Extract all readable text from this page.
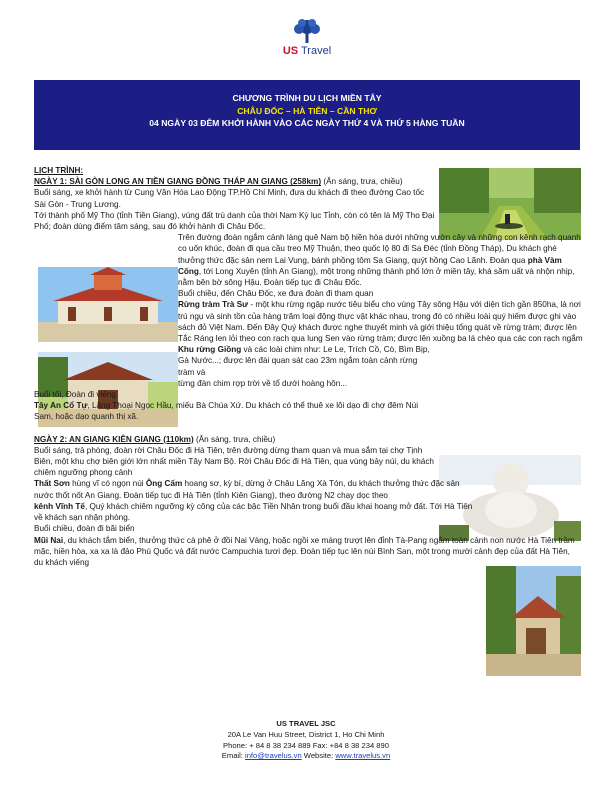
US Travel
CHƯƠNG TRÌNH DU LỊCH MIỀN TÂY
CHÂU ĐỐC – HÀ TIÊN – CẦN THƠ
04 NGÀY 03 ĐÊM KHỞI HÀNH VÀO CÁC NGÀY THỨ 4 VÀ THỨ 5 HÀNG TUẦN

LỊCH TRÌNH:

NGÀY 1: SÀI GÒN LONG AN TIỀN GIANG ĐỒNG THÁP AN GIANG (258km) (Ăn sáng, trưa, chiều)

Buổi sáng, xe khởi hành từ Cung Văn Hóa Lao Động TP.Hồ Chí Minh, đưa du khách đi theo đường Cao tốc Sài Gòn - Trung Lương.

Tới thành phố Mỹ Tho (tỉnh Tiền Giang), vùng đất trù danh của thời Nam Kỳ lục Tỉnh, còn có tên là Mỹ Tho Đại Phố; đoàn dùng điểm tâm sáng, sau đó khởi hành đi Châu Đốc.

Trên đường đoàn ngắm cảnh làng quê Nam bộ hiền hòa dưới những vườn cây và những con kênh rạch quanh co uốn khúc, đoàn đi qua cầu treo Mỹ Thuận, theo quốc lộ 80 đi Sa Đéc (tỉnh Đồng Tháp), Du khách ghé thưởng thức đặc sản nem Lai Vung, bánh phồng tôm Sa Giang, quýt hồng Cao Lãnh. Đoàn qua phà Vàm Cống, tới Long Xuyên (tỉnh An Giang), một trong những thành phố lớn ở miền tây, khá sầm uất và nhộn nhịp, nằm bên bờ sông Hậu. Đoàn tiếp tục đi Châu Đốc.

Buổi chiều, đến Châu Đốc, xe đưa đoàn đi tham quan

Rừng tràm Trà Sư - một khu rừng ngập nước tiêu biểu cho vùng Tây sông Hậu với diện tích gần 850ha, là nơi trú ngụ và sinh tồn của hàng trăm loại động thực vật khác nhau, trong đó có nhiều loài quý hiếm được ghi vào sách đỏ Việt Nam. Đến Đây Quý khách được nghe thuyết minh và giới thiệu tổng quát về rừng tràm; được lên Tắc Ráng len lỏi theo con rạch qua lung Sen vào rừng tràm; được lên xuồng ba lá chèo qua các con rạch ngắm

Khu rừng Giồng và các loài chim như: Le Le, Trích Cồ, Cò, Bìm Bịp, Gà Nước...; được lên đài quan sát cao 23m ngắm toàn cảnh rừng tràm và

từng đàn chim rợp trời về tổ dưới hoàng hôn...

Buổi tối, Đoàn đi viếng

Tây An Cổ Tự, Lăng Thoại Ngọc Hầu, miếu Bà Chúa Xứ. Du khách có thể thuê xe lôi dạo đi chợ đêm Núi Sam, hoặc dạo quanh thị xã.

NGÀY 2: AN GIANG KIÊN GIANG (110km) (Ăn sáng, trưa, chiều)

Buổi sáng, trả phòng, đoàn rời Châu Đốc đi Hà Tiên, trên đường dừng tham quan và mua sắm tại chợ Tịnh Biên, một khu chợ biên giới lớn nhất miền Tây Nam Bộ. Rời Châu Đốc đi Hà Tiên, qua vùng bảy núi, du khách chiêm ngưỡng phong cảnh

Thất Sơn hùng vĩ có ngọn núi Ông Cấm hoang sơ, kỳ bí, dừng ở Châu Lăng Xà Tón, du khách thưởng thức đặc sản nước thốt nốt An Giang. Đoàn tiếp tục đi Hà Tiên (tỉnh Kiên Giang), theo đường N2 chạy dọc theo

kênh Vĩnh Tế, Quý khách chiêm ngưỡng kỳ công của các bậc Tiền Nhân trong buổi đầu khai hoang mở đất. Tới Hà Tiên về khách sạn nhận phòng.

Buổi chiều, đoàn đi bãi biển

Mũi Nai, du khách tắm biển, thưởng thức cà phê ở đồi Nai Vàng, hoặc ngồi xe máng trượt lên đỉnh Tà-Pang ngắm toàn cảnh non nước Hà Tiên trầm mặc, hiền hòa, xa xa là đảo Phú Quốc và đất nước Campuchia tươi đẹp. Đoàn tiếp tục lên núi Bình San, một trong mười cảnh đẹp của đất Hà Tiên, du khách viếng

US TRAVEL JSC
20A Le Van Huu Street, District 1, Ho Chi Minh
Phone: + 84 8 38 234 889 Fax: +84 8 38 234 890
Email: info@travelus.vn Website: www.travelus.vn
